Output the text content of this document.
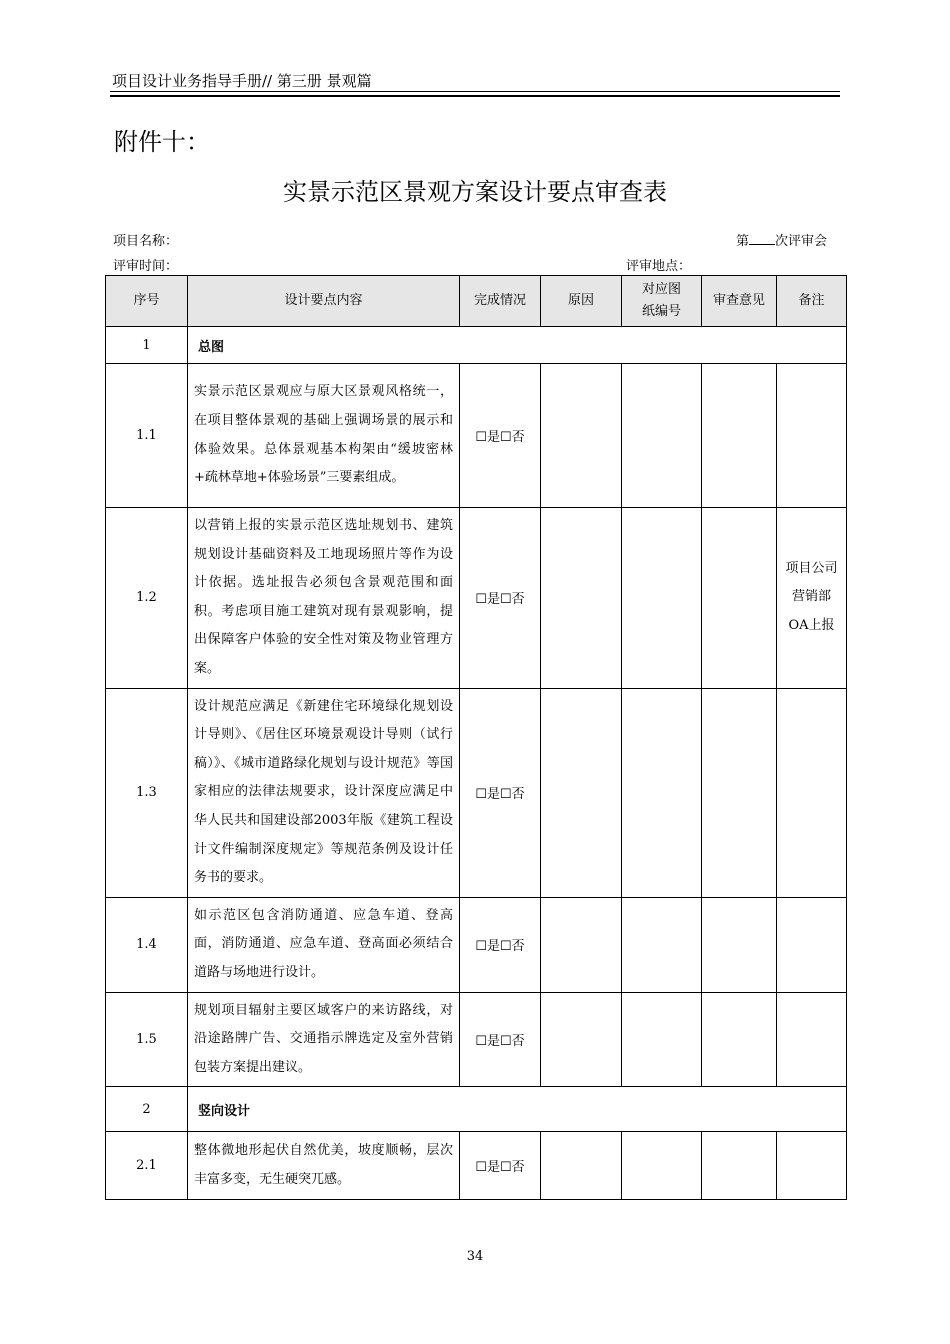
项目设计业务指导手册// 第三册 景观篇
附件十：
实景示范区景观方案设计要点审查表
项目名称：	第 次评审会
评审时间：	评审地点：
序号	设计要点内容	完成情况	原因	对应图纸编号	审查意见	备注
1	总图					
1.1	实景示范区景观应与原大区景观风格统一，在项目整体景观的基础上强调场景的展示和体验效果。总体景观基本构架由“缓坡密林+疏林草地+体验场景”三要素组成。	☐是☐否				
1.2	以营销上报的实景示范区选址规划书、建筑规划设计基础资料及工地现场照片等作为设计依据。选址报告必须包含景观范围和面积。考虑项目施工建筑对现有景观影响，提出保障客户体验的安全性对策及物业管理方案。	☐是☐否				项目公司营销部OA上报
1.3	设计规范应满足《新建住宅环境绿化规划设计导则》、《居住区环境景观设计导则（试行稿）》、《城市道路绿化规划与设计规范》等国家相应的法律法规要求，设计深度应满足中华人民共和国建设部2003年版《建筑工程设计文件编制深度规定》等规范条例及设计任务书的要求。	☐是☐否				
1.4	如示范区包含消防通道、应急车道、登高面，消防通道、应急车道、登高面必须结合道路与场地进行设计。	☐是☐否				
1.5	规划项目辐射主要区域客户的来访路线，对沿途路牌广告、交通指示牌选定及室外营销包装方案提出建议。	☐是☐否				
2	竖向设计					
2.1	整体微地形起伏自然优美，坡度顺畅，层次丰富多变，无生硬突兀感。	☐是☐否				
34
